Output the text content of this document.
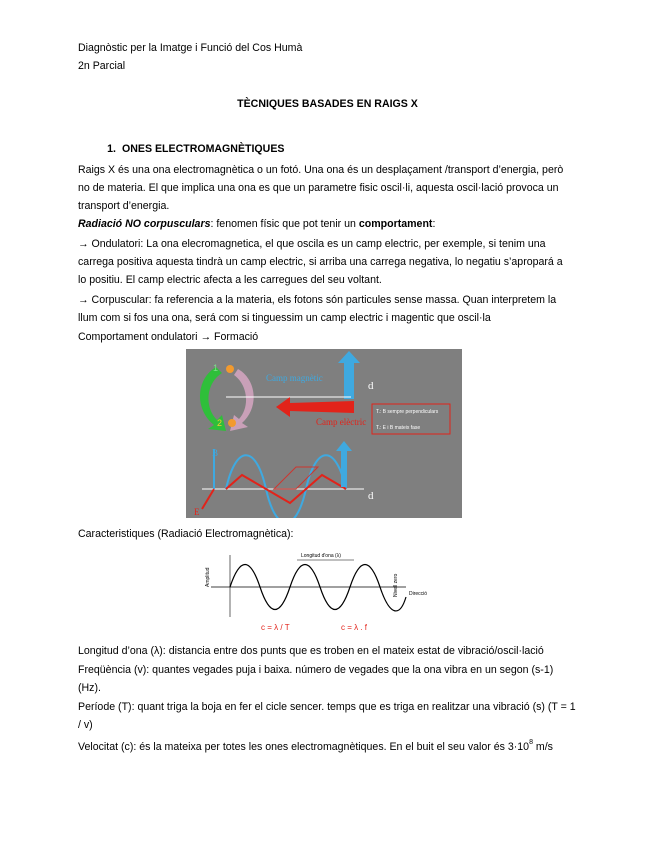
Diagnòstic per la Imatge i Funció del Cos Humà
2n Parcial
TÈCNIQUES BASADES EN RAIGS X
1. ONES ELECTROMAGNÈTIQUES
Raigs X és una ona electromagnètica o un fotó. Una ona és un desplaçament /transport d’energia, però
no de materia. El que implica una ona es que un parametre fisic oscil·li, aquesta oscil·lació provoca un
transport d’energia.
Radiació NO corpusculars: fenomen físic que pot tenir un comportament:
→ Ondulatori: La ona elecromagnetica, el que oscila es un camp electric, per exemple, si tenim una
carrega positiva aquesta tindrà un camp electric, si arriba una carrega negativa, lo negatiu s’apropará a
lo positiu. El camp electric afecta a les carregues del seu voltant.
→ Corpuscular: fa referencia a la materia, els fotons són particules sense massa. Quan interpretem la
llum com si fos una ona, será com si tinguessim un camp electric i magentic que oscil·la
Comportament ondulatori → Formació
1
2
Camp magnètic
d
Camp elèctric
T.: B sempre perpendiculars
T.: E i B mateix fase
B
E
d
Caracteristiques (Radiació Electromagnètica):
Longitud d'ona (λ)
Amplitud	Nivell zero Direcció
c = λ / T	c = λ . f
Longitud d’ona (λ): distancia entre dos punts que es troben en el mateix estat de vibració/oscil·lació
Freqüència (v): quantes vegades puja i baixa. número de vegades que la ona vibra en un segon (s-1)
(Hz).
Període (T): quant triga la boja en fer el cicle sencer. temps que es triga en realitzar una vibració (s) (T = 1
/ v)
Velocitat (c): és la mateixa per totes les ones electromagnètiques. En el buit el seu valor és $3\cdot 10^8$ m/s
